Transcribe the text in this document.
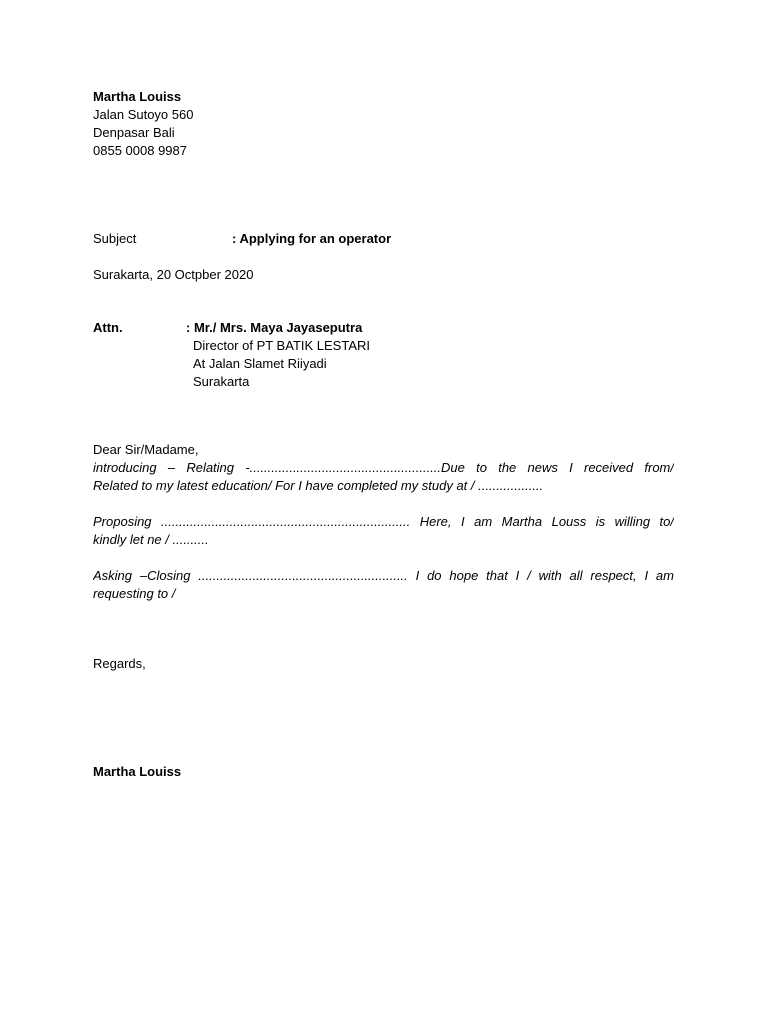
Martha Louiss
Jalan Sutoyo 560
Denpasar Bali
0855 0008 9987
Subject	: Applying for an operator
Surakarta, 20 Octpber 2020
Attn.	: Mr./ Mrs. Maya Jayaseputra
Director of PT BATIK LESTARI
At Jalan Slamet Riiyadi
Surakarta
Dear Sir/Madame,
introducing – Relating -.....................................................Due to the news I received from/
Related to my latest education/ For I have completed my study at / ..................
Proposing ..................................................................... Here, I am Martha Louss is willing to/
kindly let ne / ..........
Asking –Closing .......................................................... I do hope that I / with all respect, I am
requesting to /
Regards,
Martha Louiss
